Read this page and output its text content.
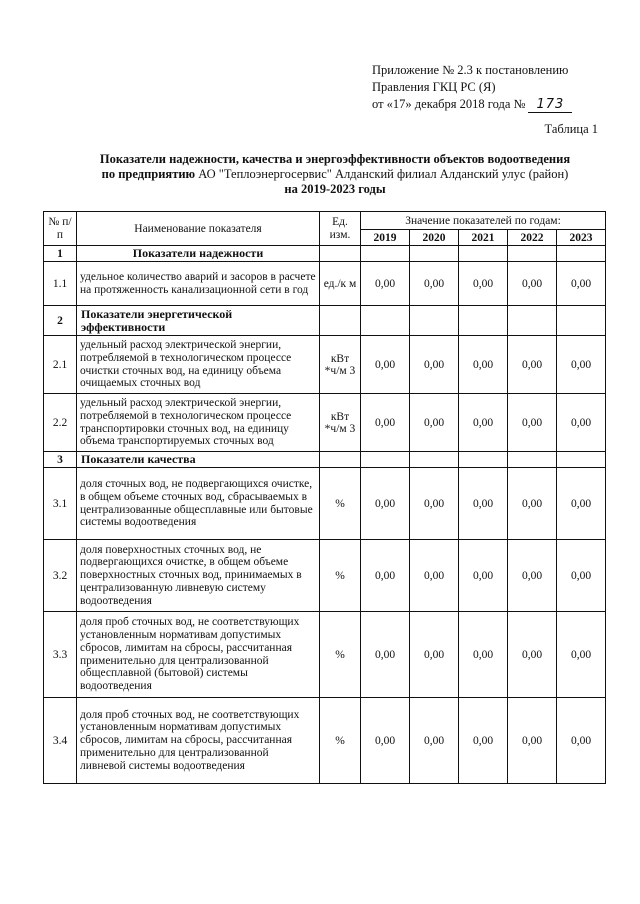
Приложение № 2.3 к постановлению
Правления ГКЦ РС (Я)
от «17» декабря 2018 года № 173
Таблица 1
Показатели надежности, качества и энергоэффективности объектов водоотведения
по предприятию АО "Теплоэнергосервис" Алданский филиал Алданский улус (район)
на 2019-2023 годы
№ п/п	Наименование показателя	Ед. изм.	Значение показателей по годам:				
			2019	2020	2021	2022	2023
1	Показатели надежности						
1.1	удельное количество аварий и засоров в расчете на протяженность канализационной сети в год	ед./к м	0,00	0,00	0,00	0,00	0,00
2	Показатели энергетической эффективности						
2.1	удельный расход электрической энергии, потребляемой в технологическом процессе очистки сточных вод, на единицу объема очищаемых сточных вод	кВт *ч/м 3	0,00	0,00	0,00	0,00	0,00
2.2	удельный расход электрической энергии, потребляемой в технологическом процессе транспортировки сточных вод, на единицу объема транспортируемых сточных вод	кВт *ч/м 3	0,00	0,00	0,00	0,00	0,00
3	Показатели качества						
3.1	доля сточных вод, не подвергающихся очистке, в общем объеме сточных вод, сбрасываемых в централизованные общесплавные или бытовые системы водоотведения	%	0,00	0,00	0,00	0,00	0,00
3.2	доля поверхностных сточных вод, не подвергающихся очистке, в общем объеме поверхностных сточных вод, принимаемых в централизованную ливневую систему водоотведения	%	0,00	0,00	0,00	0,00	0,00
3.3	доля проб сточных вод, не соответствующих установленным нормативам допустимых сбросов, лимитам на сбросы, рассчитанная применительно для централизованной общесплавной (бытовой) системы водоотведения	%	0,00	0,00	0,00	0,00	0,00
3.4	доля проб сточных вод, не соответствующих установленным нормативам допустимых сбросов, лимитам на сбросы, рассчитанная применительно для централизованной ливневой системы водоотведения	%	0,00	0,00	0,00	0,00	0,00
